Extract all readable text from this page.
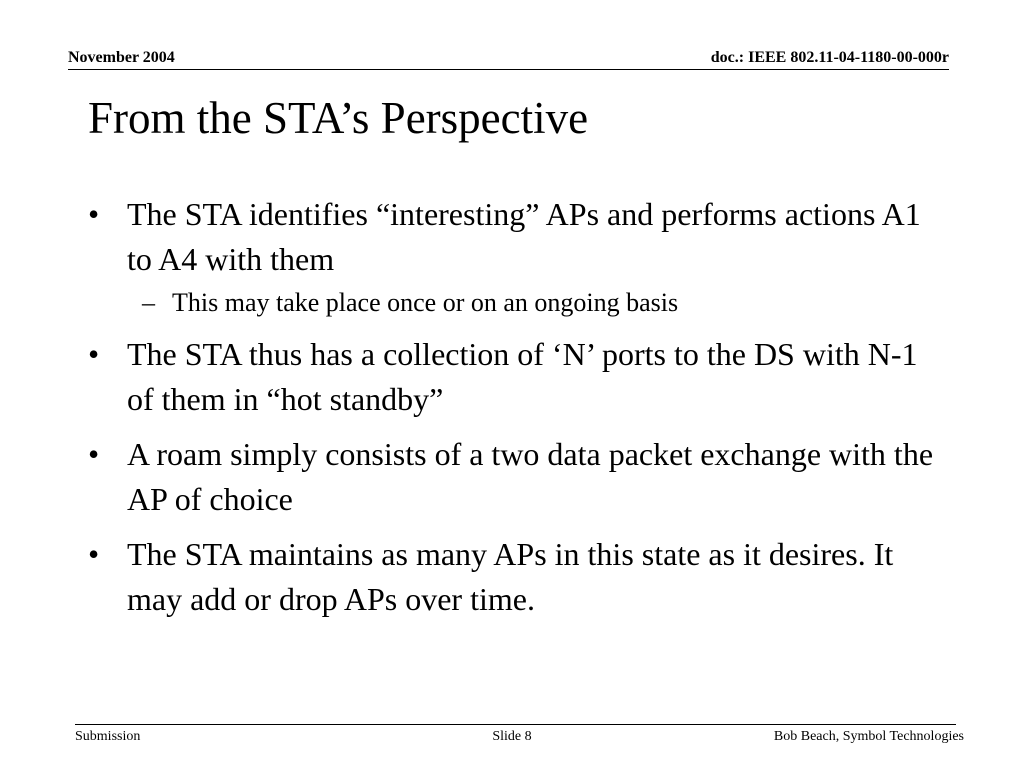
November 2004	doc.: IEEE 802.11-04-1180-00-000r
From the STA’s Perspective
• The STA identifies “interesting” APs and performs actions A1 to A4 with them
– This may take place once or on an ongoing basis
• The STA thus has a collection of ‘N’ ports to the DS with N-1 of them in “hot standby”
• A roam simply consists of a two data packet exchange with the AP of choice
• The STA maintains as many APs in this state as it desires. It may add or drop APs over time.
Submission	Slide 8	Bob Beach, Symbol Technologies
